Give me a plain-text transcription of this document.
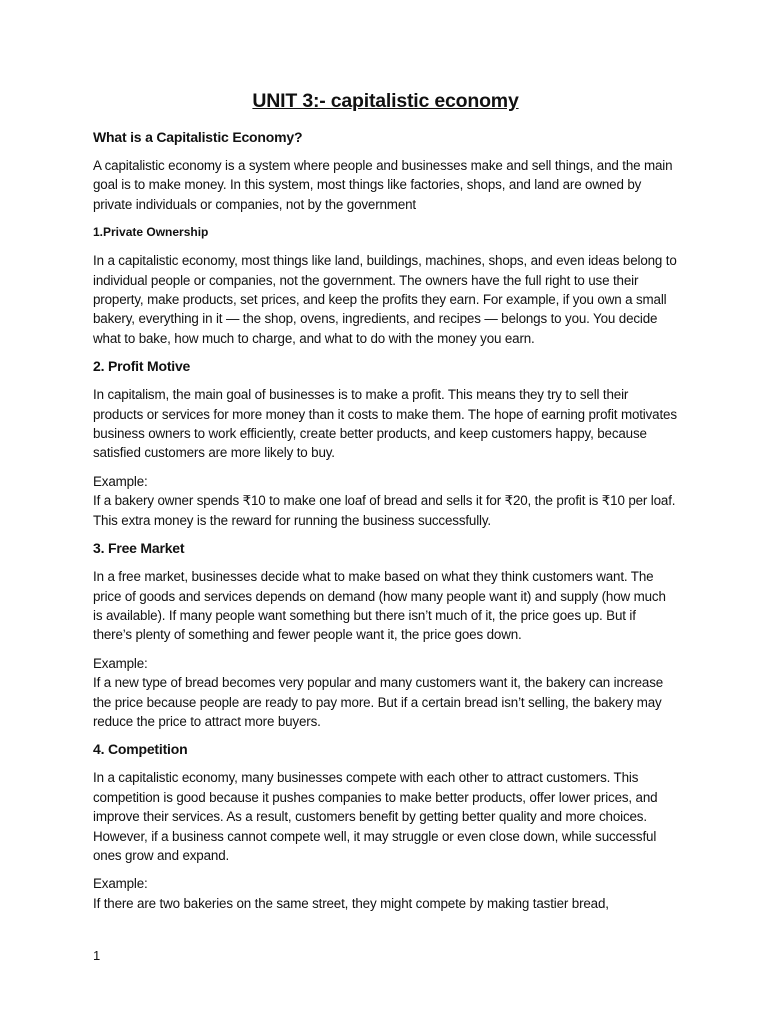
UNIT 3:- capitalistic economy
What is a Capitalistic Economy?

A capitalistic economy is a system where people and businesses make and sell things, and the main goal is to make money. In this system, most things like factories, shops, and land are owned by private individuals or companies, not by the government

1.Private Ownership

In a capitalistic economy, most things like land, buildings, machines, shops, and even ideas belong to individual people or companies, not the government. The owners have the full right to use their property, make products, set prices, and keep the profits they earn. For example, if you own a small bakery, everything in it — the shop, ovens, ingredients, and recipes — belongs to you. You decide what to bake, how much to charge, and what to do with the money you earn.

2. Profit Motive

In capitalism, the main goal of businesses is to make a profit. This means they try to sell their products or services for more money than it costs to make them. The hope of earning profit motivates business owners to work efficiently, create better products, and keep customers happy, because satisfied customers are more likely to buy.

Example:
If a bakery owner spends ₹10 to make one loaf of bread and sells it for ₹20, the profit is ₹10 per loaf. This extra money is the reward for running the business successfully.

3. Free Market

In a free market, businesses decide what to make based on what they think customers want. The price of goods and services depends on demand (how many people want it) and supply (how much is available). If many people want something but there isn’t much of it, the price goes up. But if there’s plenty of something and fewer people want it, the price goes down.

Example:
If a new type of bread becomes very popular and many customers want it, the bakery can increase the price because people are ready to pay more. But if a certain bread isn’t selling, the bakery may reduce the price to attract more buyers.

4. Competition

In a capitalistic economy, many businesses compete with each other to attract customers. This competition is good because it pushes companies to make better products, offer lower prices, and improve their services. As a result, customers benefit by getting better quality and more choices. However, if a business cannot compete well, it may struggle or even close down, while successful ones grow and expand.

Example:
If there are two bakeries on the same street, they might compete by making tastier bread,

1
